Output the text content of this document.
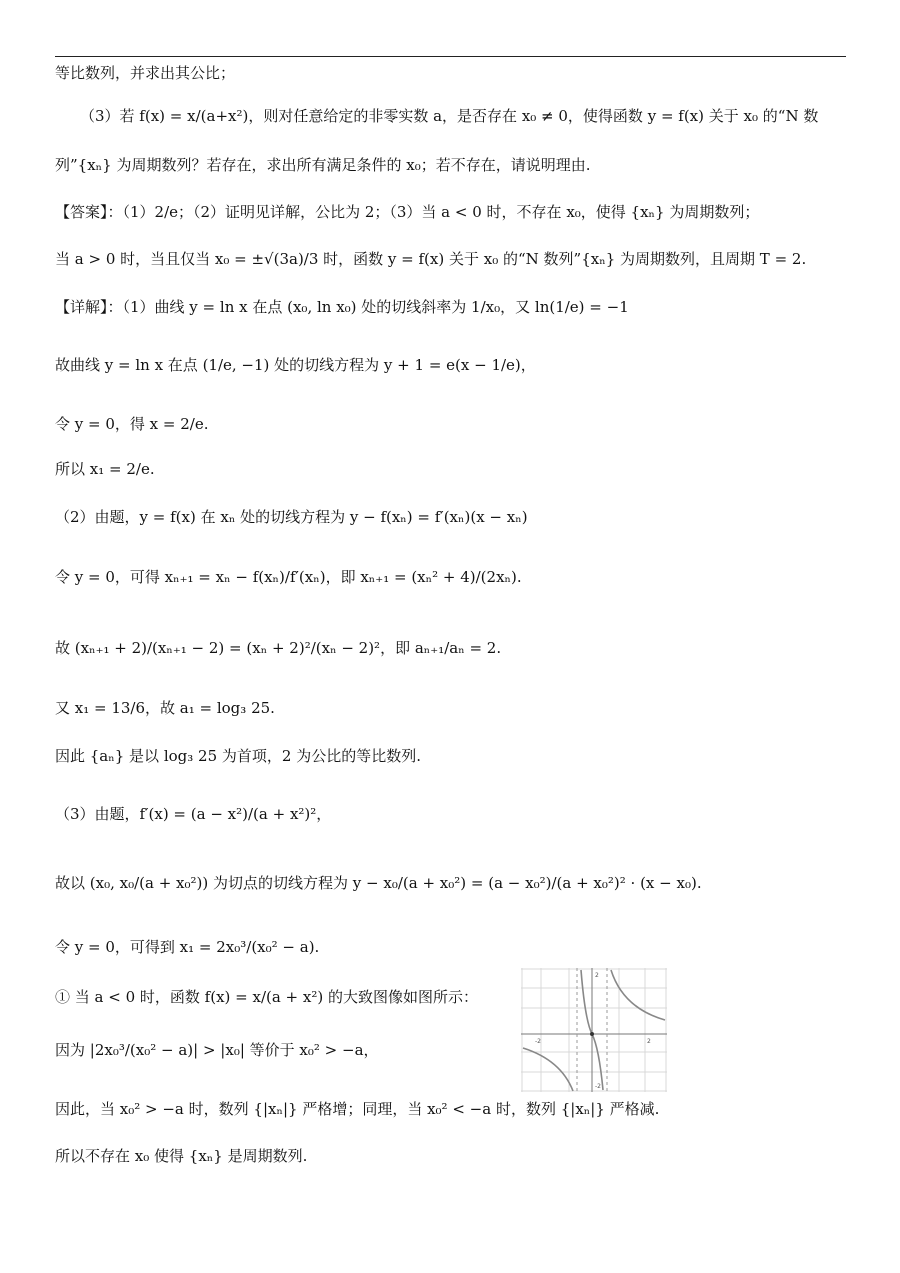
等比数列，并求出其公比；
（3）若 f(x) = x/(a+x²)，则对任意给定的非零实数 a，是否存在 x₀ ≠ 0，使得函数 y = f(x) 关于 x₀ 的“N 数
列”{xₙ} 为周期数列？若存在，求出所有满足条件的 x₀；若不存在，请说明理由.
【答案】：（1）2/e；（2）证明见详解，公比为 2；（3）当 a < 0 时，不存在 x₀，使得 {xₙ} 为周期数列；
当 a > 0 时，当且仅当 x₀ = ±√(3a)/3 时，函数 y = f(x) 关于 x₀ 的“N 数列”{xₙ} 为周期数列，且周期 T = 2.
【详解】：（1）曲线 y = ln x 在点 (x₀, ln x₀) 处的切线斜率为 1/x₀，又 ln(1/e) = −1
故曲线 y = ln x 在点 (1/e, −1) 处的切线方程为 y + 1 = e(x − 1/e)，
令 y = 0，得 x = 2/e.
所以 x₁ = 2/e.
（2）由题，y = f(x) 在 xₙ 处的切线方程为 y − f(xₙ) = f′(xₙ)(x − xₙ)
令 y = 0，可得 xₙ₊₁ = xₙ − f(xₙ)/f′(xₙ)，即 xₙ₊₁ = (xₙ² + 4)/(2xₙ).
故 (xₙ₊₁ + 2)/(xₙ₊₁ − 2) = (xₙ + 2)²/(xₙ − 2)²，即 aₙ₊₁/aₙ = 2.
又 x₁ = 13/6，故 a₁ = log₃ 25.
因此 {aₙ} 是以 log₃ 25 为首项，2 为公比的等比数列.
（3）由题，f′(x) = (a − x²)/(a + x²)²，
故以 (x₀, x₀/(a + x₀²)) 为切点的切线方程为 y − x₀/(a + x₀²) = (a − x₀²)/(a + x₀²)² · (x − x₀).
令 y = 0，可得到 x₁ = 2x₀³/(x₀² − a).
① 当 a < 0 时，函数 f(x) = x/(a + x²) 的大致图像如图所示：
因为 |2x₀³/(x₀² − a)| > |x₀| 等价于 x₀² > −a，
因此，当 x₀² > −a 时，数列 {|xₙ|} 严格增；同理，当 x₀² < −a 时，数列 {|xₙ|} 严格减.
所以不存在 x₀ 使得 {xₙ} 是周期数列.
-2	2
2
-2
